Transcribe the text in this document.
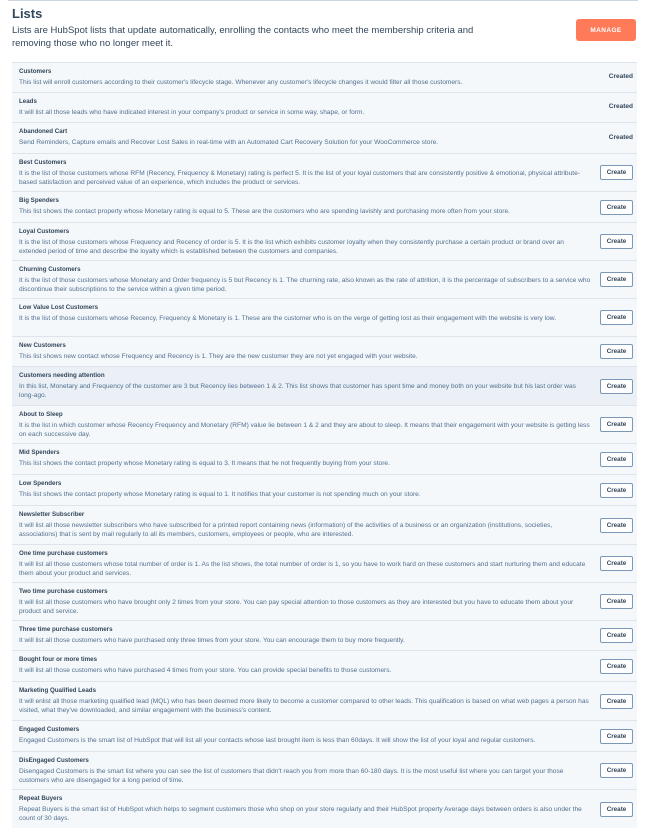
Lists
Lists are HubSpot lists that update automatically, enrolling the contacts who meet the membership criteria and removing those who no longer meet it.
MANAGE
Customers
This list will enroll customers according to their customer's lifecycle stage. Whenever any customer's lifecycle changes it would filter all those customers.
Created
Leads
It will list all those leads who have indicated interest in your company's product or service in some way, shape, or form.
Created
Abandoned Cart
Send Reminders, Capture emails and Recover Lost Sales in real-time with an Automated Cart Recovery Solution for your WooCommerce store.
Created
Best Customers
It is the list of those customers whose RFM (Recency, Frequency & Monetary) rating is perfect 5. It is the list of your loyal customers that are consistently positive & emotional, physical attribute-based satisfaction and perceived value of an experience, which includes the product or services.
Create
Big Spenders
This list shows the contact property whose Monetary rating is equal to 5. These are the customers who are spending lavishly and purchasing more often from your store.
Create
Loyal Customers
It is the list of those customers whose Frequency and Recency of order is 5. It is the list which exhibits customer loyalty when they consistently purchase a certain product or brand over an extended period of time and describe the loyalty which is established between the customers and companies.
Create
Churning Customers
It is the list of those customers whose Monetary and Order frequency is 5 but Recency is 1. The churning rate, also known as the rate of attrition, it is the percentage of subscribers to a service who discontinue their subscriptions to the service within a given time period.
Create
Low Value Lost Customers
It is the list of those customers whose Recency, Frequency & Monetary is 1. These are the customer who is on the verge of getting lost as their engagement with the website is very low.	Create
New Customers
This list shows new contact whose Frequency and Recency is 1. They are the new customer they are not yet engaged with your website.
Create
Customers needing attention
In this list, Monetary and Frequency of the customer are 3 but Recency lies between 1 & 2. This list shows that customer has spent time and money both on your website but his last order was long-ago.
Create
About to Sleep
It is the list in which customer whose Recency Frequency and Monetary (RFM) value lie between 1 & 2 and they are about to sleep. It means that their engagement with your website is getting less on each successive day.
Create
Mid Spenders
This list shows the contact property whose Monetary rating is equal to 3. It means that he not frequently buying from your store.
Create
Low Spenders
This list shows the contact property whose Monetary rating is equal to 1. It notifies that your customer is not spending much on your store.
Create
Newsletter Subscriber
It will list all those newsletter subscribers who have subscribed for a printed report containing news (information) of the activities of a business or an organization (institutions, societies, associations) that is sent by mail regularly to all its members, customers, employees or people, who are interested.
Create
One time purchase customers
It will list all those customers whose total number of order is 1. As the list shows, the total number of order is 1, so you have to work hard on these customers and start nurturing them and educate them about your product and services.
Create
Two time purchase customers
It will list all those customers who have brought only 2 times from your store. You can pay special attention to those customers as they are interested but you have to educate them about your product and service.
Create
Three time purchase customers
It will list all those customers who have purchased only three times from your store. You can encourage them to buy more frequently.
Create
Bought four or more times
It will list all those customers who have purchased 4 times from your store. You can provide special benefits to those customers.
Create
Marketing Qualified Leads
It will enlist all those marketing qualified lead (MQL) who has been deemed more likely to become a customer compared to other leads. This qualification is based on what web pages a person has visited, what they've downloaded, and similar engagement with the business's content.
Create
Engaged Customers
Engaged Customers is the smart list of HubSpot that will list all your contacts whose last brought item is less than 60days. It will show the list of your loyal and regular customers.
Create
DisEngaged Customers
Disengaged Customers is the smart list where you can see the list of customers that didn't reach you from more than 60-180 days. It is the most useful list where you can target your those customers who are disengaged for a long period of time.
Create
Repeat Buyers
Repeat Buyers is the smart list of HubSpot which helps to segment customers those who shop on your store regularly and their HubSpot property Average days between orders is also under the count of 30 days.
Create
